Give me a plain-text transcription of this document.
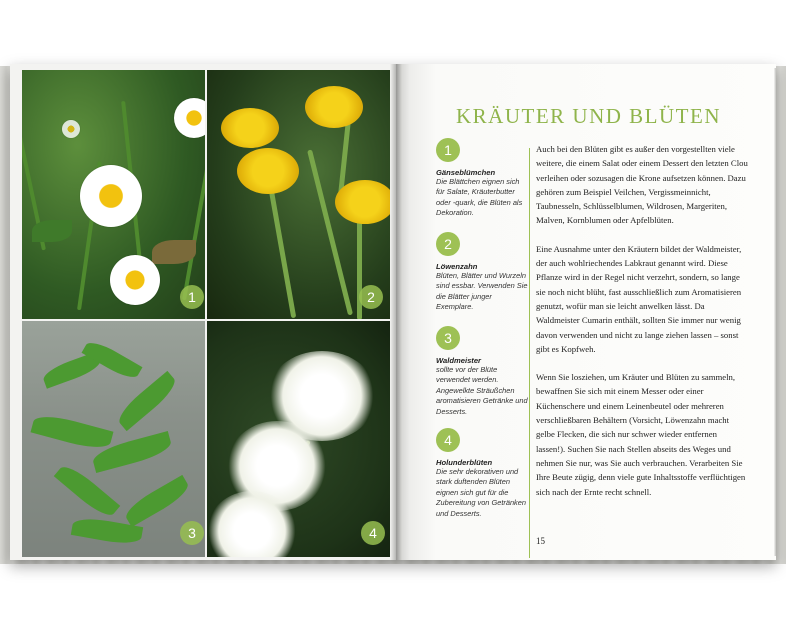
1	2
3	4
KRÄUTER UND BLÜTEN
1
Gänseblümchen
Die Blättchen eignen sich für Salate, Kräuterbutter oder -quark, die Blüten als Dekoration.
2
Löwenzahn
Blüten, Blätter und Wurzeln sind essbar. Verwenden Sie die Blätter junger Exemplare.
3
Waldmeister
sollte vor der Blüte verwendet werden. Angewelkte Sträußchen aromatisieren Getränke und Desserts.
4
Holunderblüten
Die sehr dekorativen und stark duftenden Blüten eignen sich gut für die Zubereitung von Getränken und Desserts.

Auch bei den Blüten gibt es außer den vorgestellten viele weitere, die einem Salat oder einem Dessert den letzten Clou verleihen oder sozusagen die Krone aufsetzen können. Dazu gehören zum Beispiel Veilchen, Vergissmeinnicht, Taubnesseln, Schlüsselblumen, Wildrosen, Margeriten, Malven, Kornblumen oder Apfelblüten.

Eine Ausnahme unter den Kräutern bildet der Waldmeister, der auch wohlriechendes Labkraut genannt wird. Diese Pflanze wird in der Regel nicht verzehrt, sondern, so lange sie noch nicht blüht, fast ausschließlich zum Aromatisieren genutzt, wofür man sie leicht anwelken lässt. Da Waldmeister Cumarin enthält, sollten Sie immer nur wenig davon verwenden und nicht zu lange ziehen lassen – sonst gibt es Kopfweh.

Wenn Sie losziehen, um Kräuter und Blüten zu sammeln, bewaffnen Sie sich mit einem Messer oder einer Küchenschere und einem Leinenbeutel oder mehreren verschließbaren Behältern (Vorsicht, Löwenzahn macht gelbe Flecken, die sich nur schwer wieder entfernen lassen!). Suchen Sie nach Stellen abseits des Weges und nehmen Sie nur, was Sie auch verbrauchen. Verarbeiten Sie Ihre Beute zügig, denn viele gute Inhaltsstoffe verflüchtigen sich nach der Ernte recht schnell.

15
